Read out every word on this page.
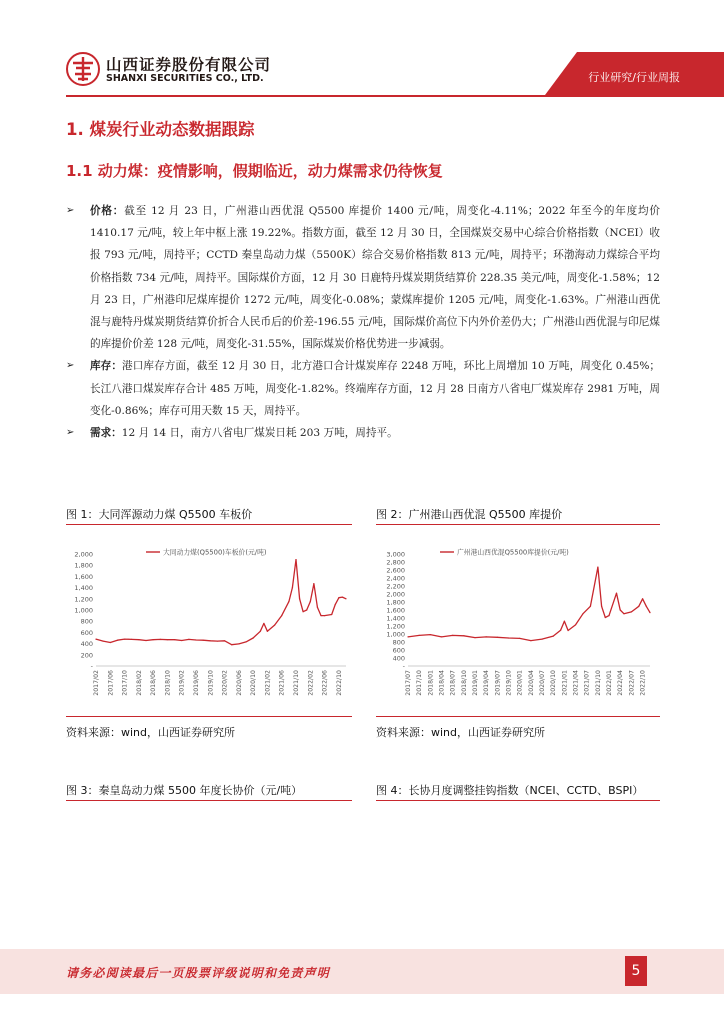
山西证券股份有限公司
SHANXI SECURITIES CO., LTD.	行业研究/行业周报
1. 煤炭行业动态数据跟踪
1.1 动力煤：疫情影响，假期临近，动力煤需求仍待恢复
➢ 价格：截至 12 月 23 日，广州港山西优混 Q5500 库提价 1400 元/吨，周变化-4.11%；2022 年至今的年度均价 1410.17 元/吨，较上年中枢上涨 19.22%。指数方面，截至 12 月 30 日，全国煤炭交易中心综合价格指数（NCEI）收报 793 元/吨，周持平；CCTD 秦皇岛动力煤（5500K）综合交易价格指数 813 元/吨，周持平；环渤海动力煤综合平均价格指数 734 元/吨，周持平。国际煤价方面，12 月 30 日鹿特丹煤炭期货结算价 228.35 美元/吨，周变化-1.58%；12 月 23 日，广州港印尼煤库提价 1272 元/吨，周变化-0.08%；蒙煤库提价 1205 元/吨，周变化-1.63%。广州港山西优混与鹿特丹煤炭期货结算价折合人民币后的价差-196.55 元/吨，国际煤价高位下内外价差仍大；广州港山西优混与印尼煤的库提价价差 128 元/吨，周变化-31.55%，国际煤炭价格优势进一步减弱。
➢ 库存：港口库存方面，截至 12 月 30 日，北方港口合计煤炭库存 2248 万吨，环比上周增加 10 万吨，周变化 0.45%；长江八港口煤炭库存合计 485 万吨，周变化-1.82%。终端库存方面，12 月 28 日南方八省电厂煤炭库存 2981 万吨，周变化-0.86%；库存可用天数 15 天，周持平。
➢ 需求：12 月 14 日，南方八省电厂煤炭日耗 203 万吨，周持平。
图 1：大同浑源动力煤 Q5500 车板价	图 2：广州港山西优混 Q5500 库提价
-
200
400
600
800
1,000
1,200
1,400
1,600
1,800
2,000
2017/02 2017/06 2017/10 2018/02 2018/06 2018/10 2019/02 2019/06 2019/10 2020/02 2020/06 2020/10 2021/02 2021/06 2021/10 2022/02 2022/06 2022/10
大同动力煤(Q5500)车板价(元/吨)
-
400
600
800
1,000
1,200
1,400
1,600
1,800
2,000
2,200
2,400
2,600
2,800
3,000
2017/07 2017/10 2018/01 2018/04 2018/07 2018/10 2019/01 2019/04 2019/07 2019/10 2020/01 2020/04 2020/07 2020/10 2021/01 2021/04 2021/07 2021/10 2022/01 2022/04 2022/07 2022/10
广州港山西优混Q5500库提价(元/吨)
资料来源：wind，山西证券研究所	资料来源：wind，山西证券研究所
图 3：秦皇岛动力煤 5500 年度长协价（元/吨）	图 4：长协月度调整挂钩指数（NCEI、CCTD、BSPI）
请务必阅读最后一页股票评级说明和免责声明	5
